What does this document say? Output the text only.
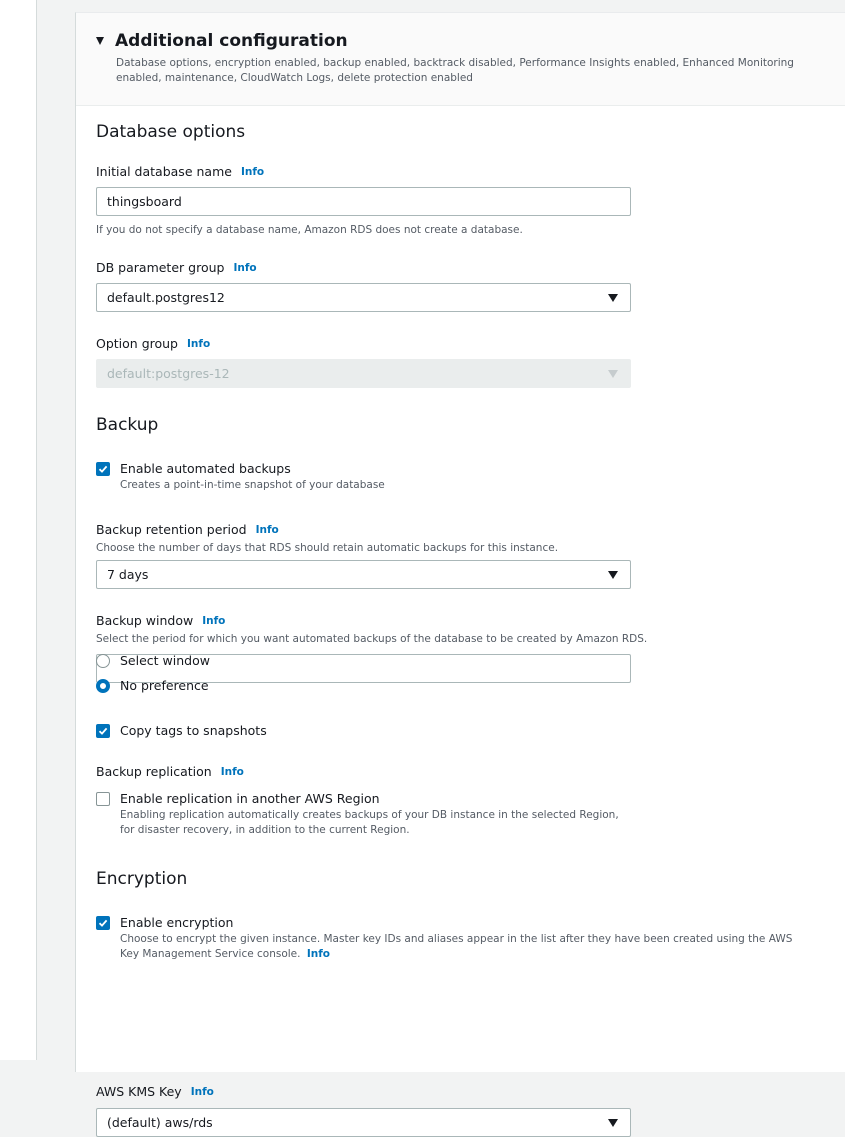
Additional configuration
Database options, encryption enabled, backup enabled, backtrack disabled, Performance Insights enabled, Enhanced Monitoring enabled, maintenance, CloudWatch Logs, delete protection enabled
Database options
Initial database name Info
thingsboard
If you do not specify a database name, Amazon RDS does not create a database.
DB parameter group Info
default.postgres12
Option group Info
default:postgres-12
Backup
Enable automated backups
Creates a point-in-time snapshot of your database
Backup retention period Info
Choose the number of days that RDS should retain automatic backups for this instance.
7 days
Backup window Info
Select the period for which you want automated backups of the database to be created by Amazon RDS.
Select window
No preference
Copy tags to snapshots
Backup replication Info
Enable replication in another AWS Region
Enabling replication automatically creates backups of your DB instance in the selected Region,
for disaster recovery, in addition to the current Region.
Encryption
Enable encryption
Choose to encrypt the given instance. Master key IDs and aliases appear in the list after they have been created using the AWS
Key Management Service console. Info
AWS KMS Key Info
(default) aws/rds
